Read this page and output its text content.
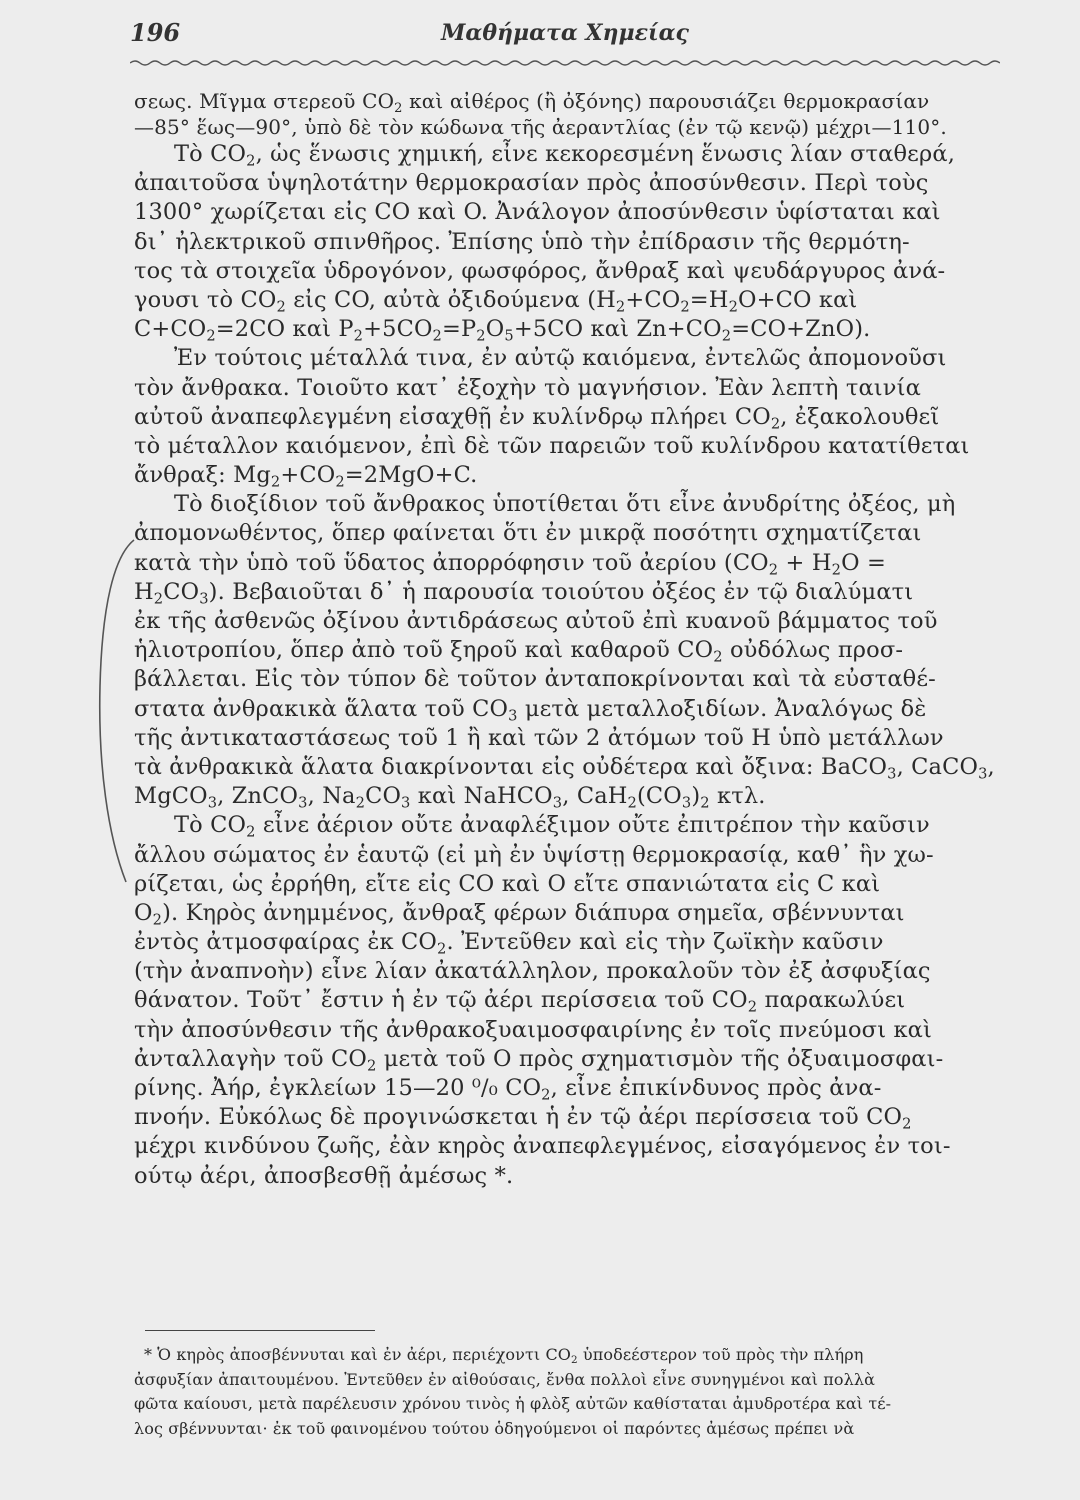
196	Μαθήματα Χημείας
σεως. Μῖγμα στερεοῦ $CO_2$ καὶ αἰθέρος (ἢ ὀξόνης) παρουσιάζει θερμοκρασίαν
—85° ἕως—90°, ὑπὸ δὲ τὸν κώδωνα τῆς ἀεραντλίας (ἐν τῷ κενῷ) μέχρι—110°.
Τὸ $CO_2$, ὡς ἕνωσις χημική, εἶνε κεκορεσμένη ἕνωσις λίαν σταθερά,
ἀπαιτοῦσα ὑψηλοτάτην θερμοκρασίαν πρὸς ἀποσύνθεσιν. Περὶ τοὺς
1300° χωρίζεται εἰς CO καὶ O. Ἀνάλογον ἀποσύνθεσιν ὑφίσταται καὶ
δι᾽ ἠλεκτρικοῦ σπινθῆρος. Ἐπίσης ὑπὸ τὴν ἐπίδρασιν τῆς θερμότη-
τος τὰ στοιχεῖα ὑδρογόνον, φωσφόρος, ἄνθραξ καὶ ψευδάργυρος ἀνά-
γουσι τὸ $CO_2$ εἰς CO, αὐτὰ ὀξιδούμενα ($H_2+CO_2=H_2O+CO$ καὶ
$C+CO_2=2CO$ καὶ $P_2+5CO_2=P_2O_5+5CO$ καὶ $Zn+CO_2=CO+ZnO$).
Ἐν τούτοις μέταλλά τινα, ἐν αὐτῷ καιόμενα, ἐντελῶς ἀπομονοῦσι
τὸν ἄνθρακα. Τοιοῦτο κατ᾽ ἐξοχὴν τὸ μαγνήσιον. Ἐὰν λεπτὴ ταινία
αὐτοῦ ἀναπεφλεγμένη εἰσαχθῇ ἐν κυλίνδρῳ πλήρει $CO_2$, ἐξακολουθεῖ
τὸ μέταλλον καιόμενον, ἐπὶ δὲ τῶν παρειῶν τοῦ κυλίνδρου κατατίθεται
ἄνθραξ: $Mg_2+CO_2=2MgO+C$.
Τὸ διοξίδιον τοῦ ἄνθρακος ὑποτίθεται ὅτι εἶνε ἀνυδρίτης ὀξέος, μὴ
ἀπομονωθέντος, ὅπερ φαίνεται ὅτι ἐν μικρᾷ ποσότητι σχηματίζεται
κατὰ τὴν ὑπὸ τοῦ ὕδατος ἀπορρόφησιν τοῦ ἀερίου ($CO_2 + H_2O$ =
$H_2CO_3$). Βεβαιοῦται δ᾽ ἡ παρουσία τοιούτου ὀξέος ἐν τῷ διαλύματι
ἐκ τῆς ἀσθενῶς ὀξίνου ἀντιδράσεως αὐτοῦ ἐπὶ κυανοῦ βάμματος τοῦ
ἡλιοτροπίου, ὅπερ ἀπὸ τοῦ ξηροῦ καὶ καθαροῦ $CO_2$ οὐδόλως προσ-
βάλλεται. Εἰς τὸν τύπον δὲ τοῦτον ἀνταποκρίνονται καὶ τὰ εὐσταθέ-
στατα ἀνθρακικὰ ἅλατα τοῦ $CO_3$ μετὰ μεταλλοξιδίων. Ἀναλόγως δὲ
τῆς ἀντικαταστάσεως τοῦ 1 ἢ καὶ τῶν 2 ἀτόμων τοῦ H ὑπὸ μετάλλων
τὰ ἀνθρακικὰ ἅλατα διακρίνονται εἰς οὐδέτερα καὶ ὄξινα: BaCO$_3$, CaCO$_3$,
MgCO$_3$, ZnCO$_3$, $Na_2CO_3$ καὶ NaHCO$_3$, $CaH_2(CO_3)_2$ κτλ.
Τὸ $CO_2$ εἶνε ἀέριον οὔτε ἀναφλέξιμον οὔτε ἐπιτρέπον τὴν καῦσιν
ἄλλου σώματος ἐν ἑαυτῷ (εἰ μὴ ἐν ὑψίστῃ θερμοκρασίᾳ, καθ᾽ ἣν χω-
ρίζεται, ὡς ἐρρήθη, εἴτε εἰς CO καὶ O εἴτε σπανιώτατα εἰς C καὶ
$O_2$). Κηρὸς ἀνημμένος, ἄνθραξ φέρων διάπυρα σημεῖα, σβέννυνται
ἐντὸς ἀτμοσφαίρας ἐκ $CO_2$. Ἐντεῦθεν καὶ εἰς τὴν ζωϊκὴν καῦσιν
(τὴν ἀναπνοὴν) εἶνε λίαν ἀκατάλληλον, προκαλοῦν τὸν ἐξ ἀσφυξίας
θάνατον. Τοῦτ᾽ ἔστιν ἡ ἐν τῷ ἀέρι περίσσεια τοῦ $CO_2$ παρακωλύει
τὴν ἀποσύνθεσιν τῆς ἀνθρακοξυαιμοσφαιρίνης ἐν τοῖς πνεύμοσι καὶ
ἀνταλλαγὴν τοῦ $CO_2$ μετὰ τοῦ O πρὸς σχηματισμὸν τῆς ὀξυαιμοσφαι-
ρίνης. Ἀήρ, ἐγκλείων 15—20 ⁰/₀ $CO_2$, εἶνε ἐπικίνδυνος πρὸς ἀνα-
πνοήν. Εὐκόλως δὲ προγινώσκεται ἡ ἐν τῷ ἀέρι περίσσεια τοῦ $CO_2$
μέχρι κινδύνου ζωῆς, ἐὰν κηρὸς ἀναπεφλεγμένος, εἰσαγόμενος ἐν τοι-
ούτῳ ἀέρι, ἀποσβεσθῇ ἀμέσως *.
* Ὁ κηρὸς ἀποσβέννυται καὶ ἐν ἀέρι, περιέχοντι $CO_2$ ὑποδεέστερον τοῦ πρὸς τὴν πλήρη
ἀσφυξίαν ἀπαιτουμένου. Ἐντεῦθεν ἐν αἰθούσαις, ἔνθα πολλοὶ εἶνε συνηγμένοι καὶ πολλὰ
φῶτα καίουσι, μετὰ παρέλευσιν χρόνου τινὸς ἡ φλὸξ αὐτῶν καθίσταται ἀμυδροτέρα καὶ τέ-
λος σβέννυνται· ἐκ τοῦ φαινομένου τούτου ὁδηγούμενοι οἱ παρόντες ἀμέσως πρέπει νὰ
